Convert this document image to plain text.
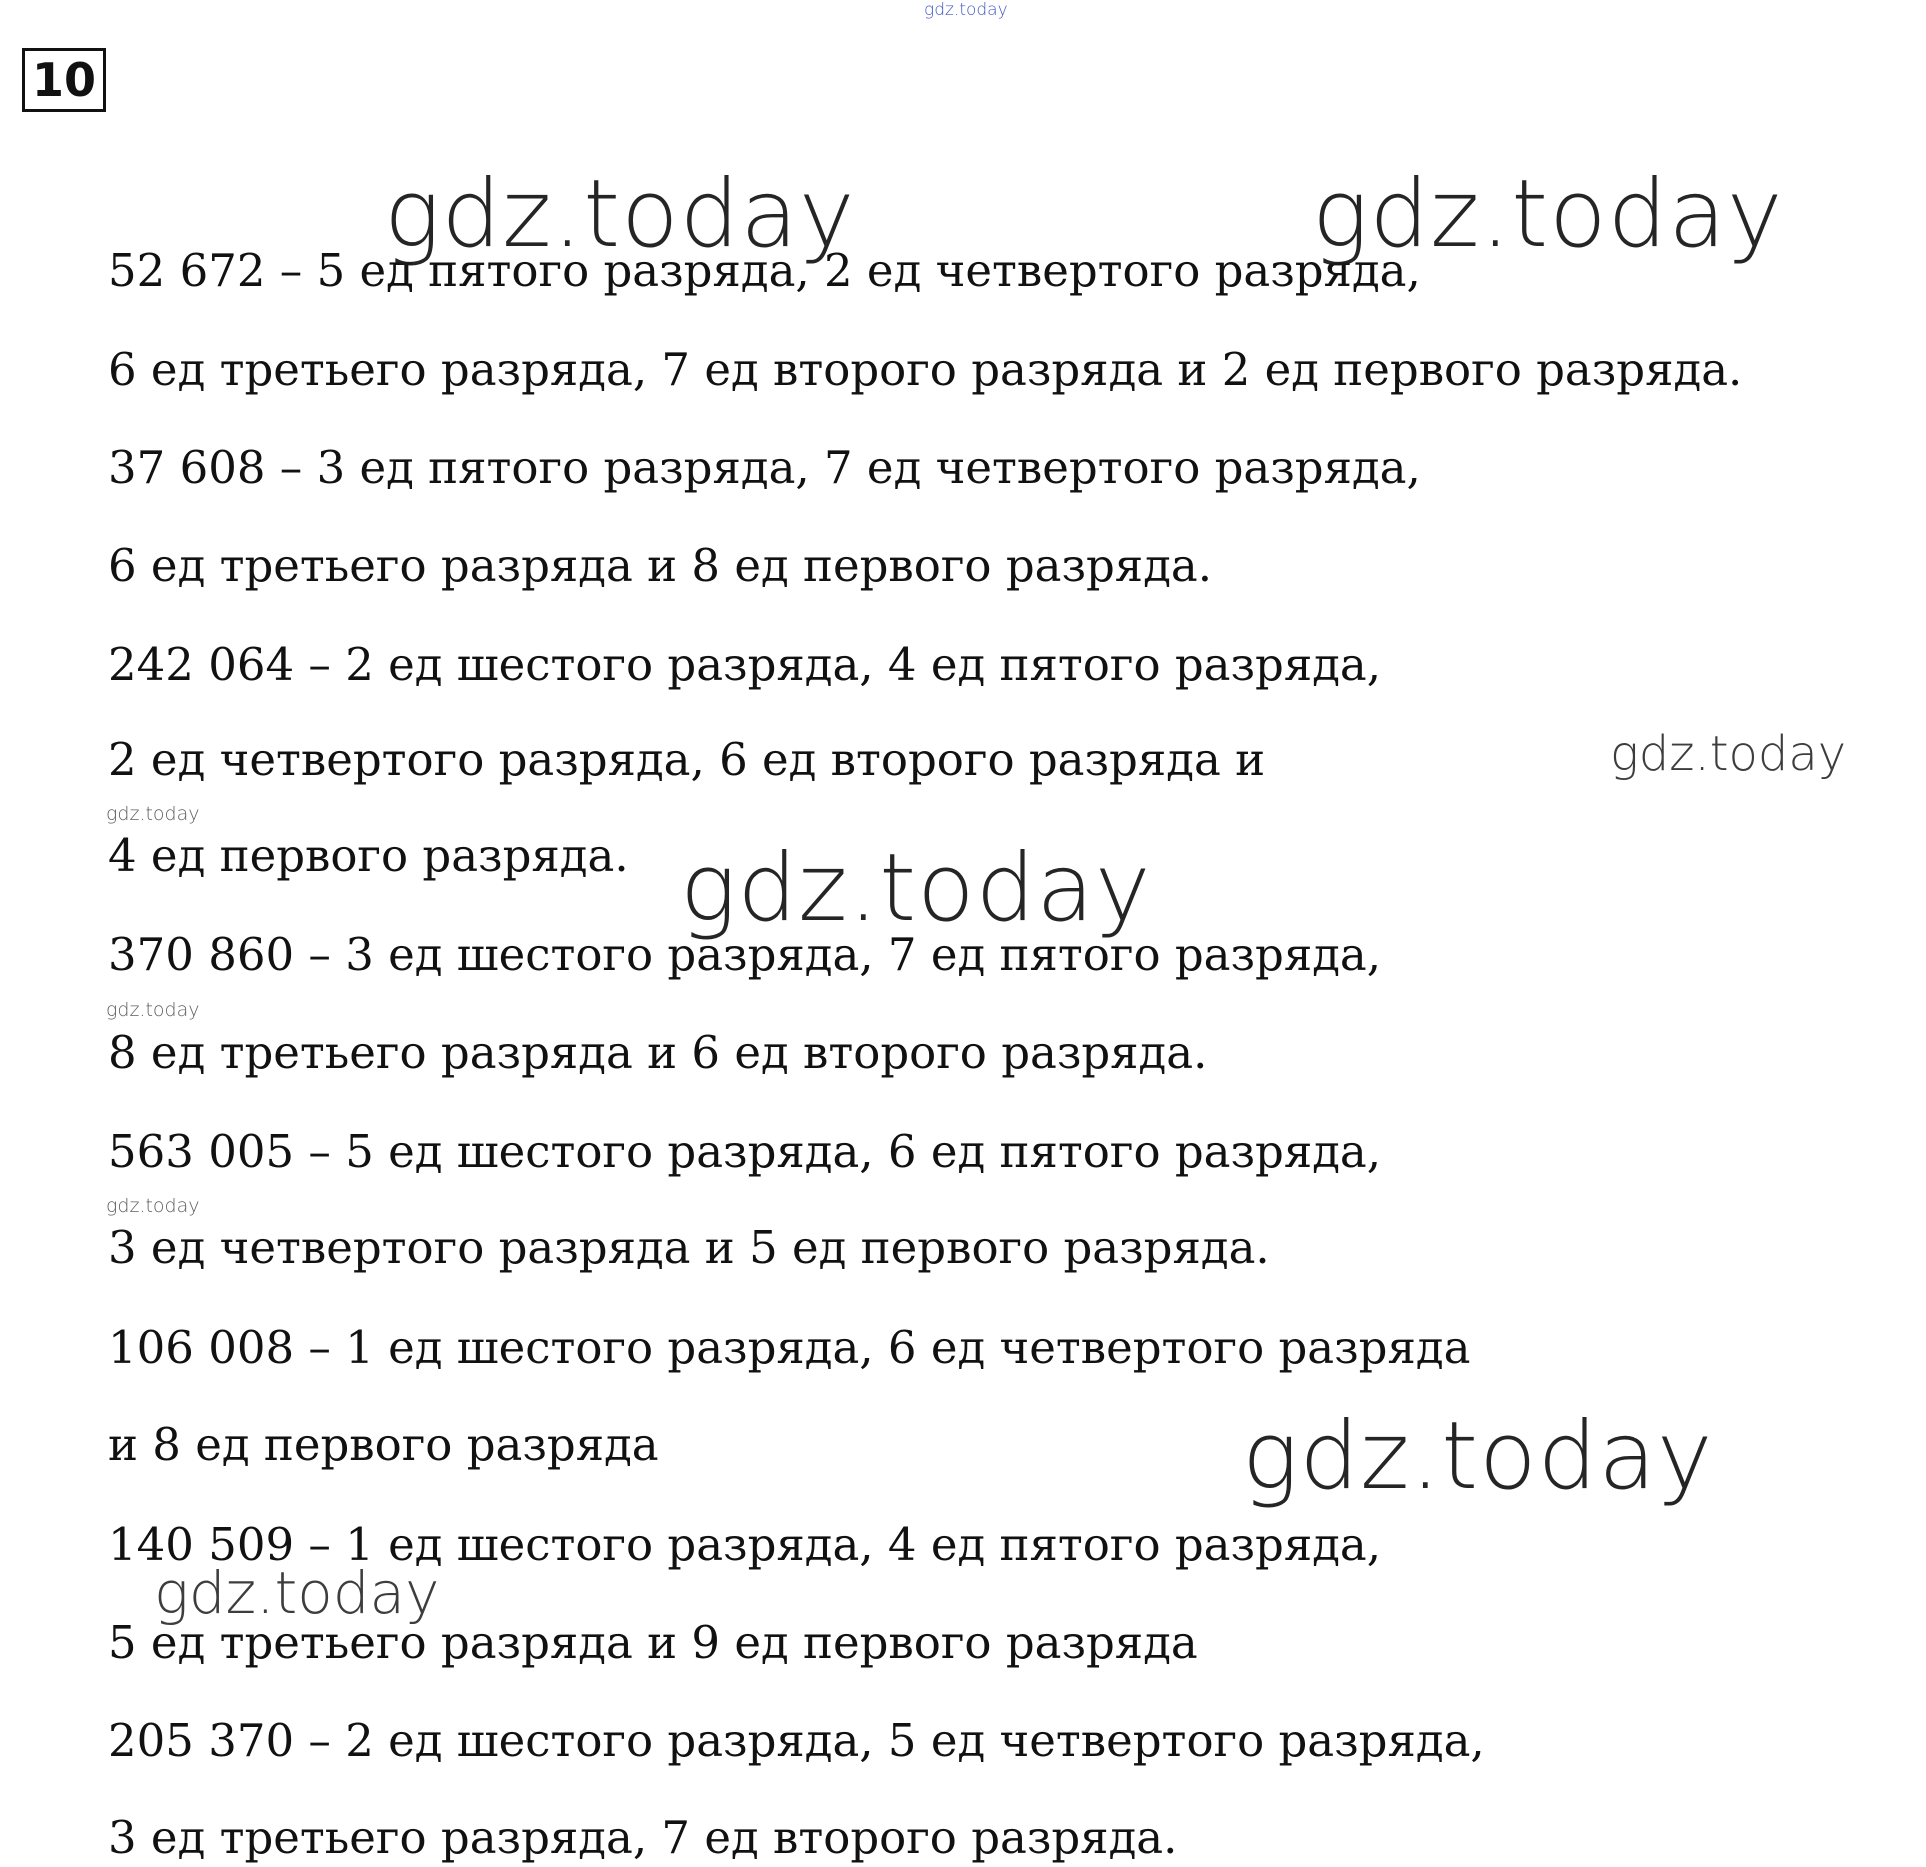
10
52 672 – 5 ед пятого разряда, 2 ед четвертого разряда,
6 ед третьего разряда, 7 ед второго разряда и 2 ед первого разряда.
37 608 – 3 ед пятого разряда, 7 ед четвертого разряда,
6 ед третьего разряда и 8 ед первого разряда.
242 064 – 2 ед шестого разряда, 4 ед пятого разряда,
2 ед четвертого разряда, 6 ед второго разряда и
4 ед первого разряда.
370 860 – 3 ед шестого разряда, 7 ед пятого разряда,
8 ед третьего разряда и 6 ед второго разряда.
563 005 – 5 ед шестого разряда, 6 ед пятого разряда,
3 ед четвертого разряда и 5 ед первого разряда.
106 008 – 1 ед шестого разряда, 6 ед четвертого разряда
и 8 ед первого разряда
140 509 – 1 ед шестого разряда, 4 ед пятого разряда,
5 ед третьего разряда и 9 ед первого разряда
205 370 – 2 ед шестого разряда, 5 ед четвертого разряда,
3 ед третьего разряда, 7 ед второго разряда.
gdz.today
gdz.today	gdz.today
gdz.today
gdz.today
gdz.today
gdz.today
gdz.today
gdz.today
gdz.today
